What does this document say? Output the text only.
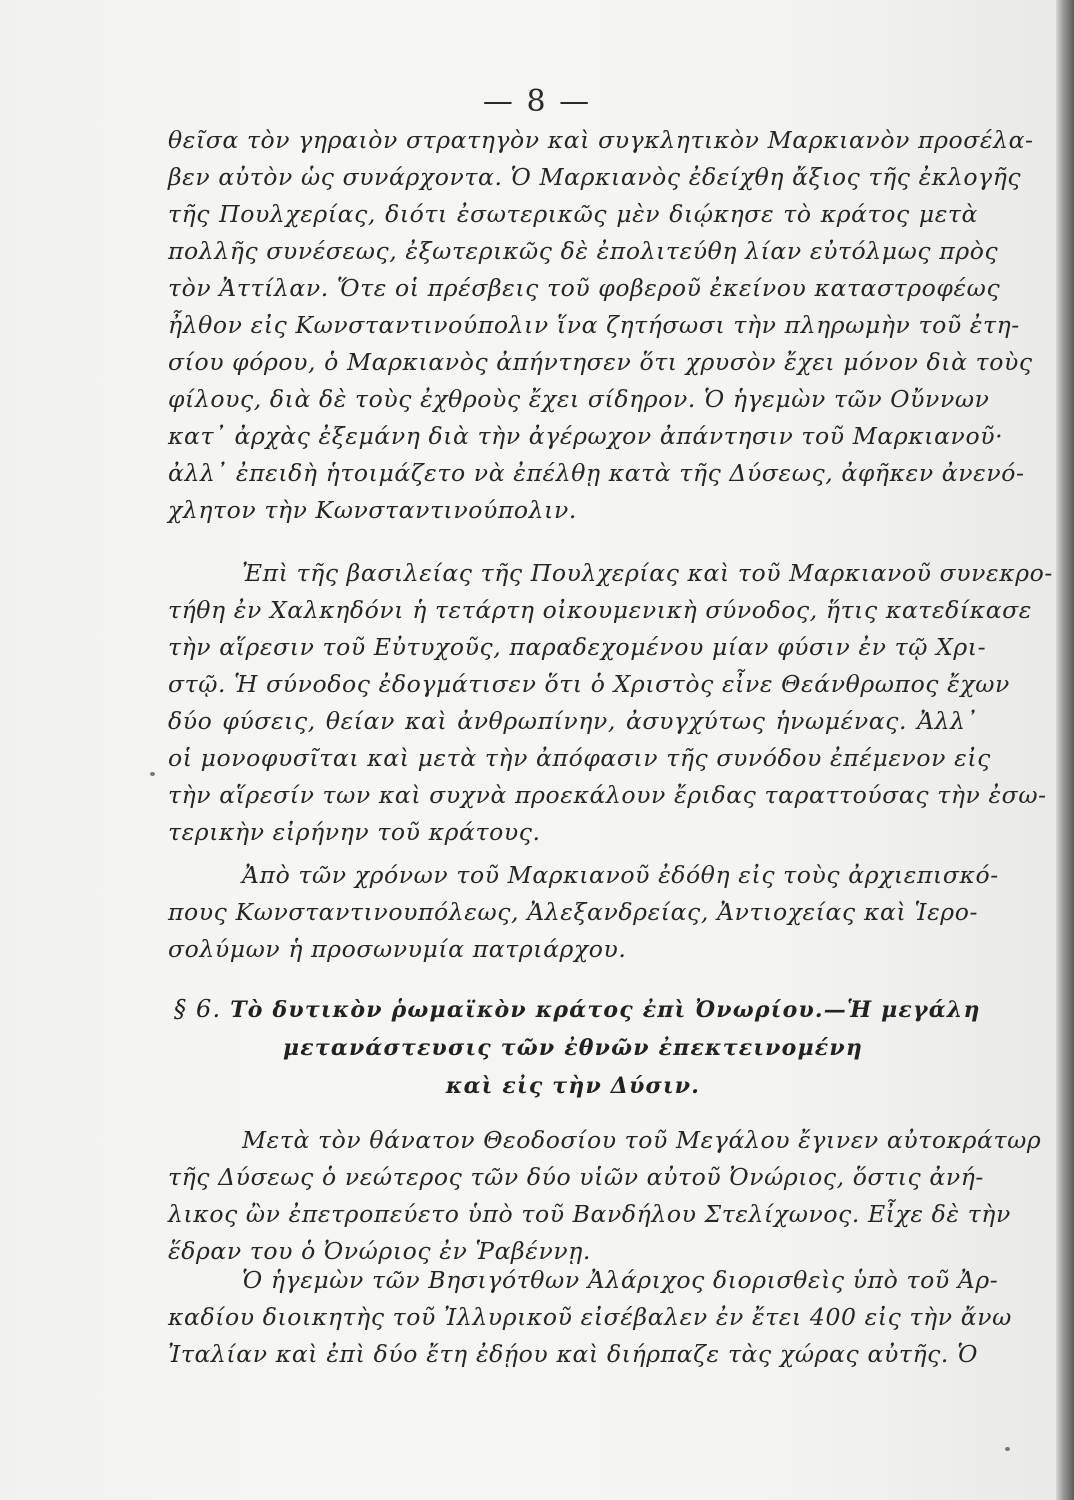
— 8 —
θεῖσα τὸν γηραιὸν στρατηγὸν καὶ συγκλητικὸν Μαρκιανὸν προσέλα-
βεν αὐτὸν ὡς συνάρχοντα. Ὁ Μαρκιανὸς ἐδείχθη ἄξιος τῆς ἐκλογῆς
τῆς Πουλχερίας, διότι ἐσωτερικῶς μὲν διῴκησε τὸ κράτος μετὰ
πολλῆς συνέσεως, ἐξωτερικῶς δὲ ἐπολιτεύθη λίαν εὐτόλμως πρὸς
τὸν Ἀττίλαν. Ὅτε οἱ πρέσβεις τοῦ φοβεροῦ ἐκείνου καταστροφέως
ἦλθον εἰς Κωνσταντινούπολιν ἵνα ζητήσωσι τὴν πληρωμὴν τοῦ ἐτη-
σίου φόρου, ὁ Μαρκιανὸς ἀπήντησεν ὅτι χρυσὸν ἔχει μόνον διὰ τοὺς
φίλους, διὰ δὲ τοὺς ἐχθροὺς ἔχει σίδηρον. Ὁ ἡγεμὼν τῶν Οὔννων
κατ᾽ ἀρχὰς ἐξεμάνη διὰ τὴν ἀγέρωχον ἀπάντησιν τοῦ Μαρκιανοῦ·
ἀλλ᾽ ἐπειδὴ ἡτοιμάζετο νὰ ἐπέλθῃ κατὰ τῆς Δύσεως, ἀφῆκεν ἀνενό-
χλητον τὴν Κωνσταντινούπολιν.
Ἐπὶ τῆς βασιλείας τῆς Πουλχερίας καὶ τοῦ Μαρκιανοῦ συνεκρο-
τήθη ἐν Χαλκηδόνι ἡ τετάρτη οἰκουμενικὴ σύνοδος, ἥτις κατεδίκασε
τὴν αἵρεσιν τοῦ Εὐτυχοῦς, παραδεχομένου μίαν φύσιν ἐν τῷ Χρι-
στῷ. Ἡ σύνοδος ἐδογμάτισεν ὅτι ὁ Χριστὸς εἶνε Θεάνθρωπος ἔχων
δύο φύσεις, θείαν καὶ ἀνθρωπίνην, ἀσυγχύτως ἡνωμένας. Ἀλλ᾽
οἱ μονοφυσῖται καὶ μετὰ τὴν ἀπόφασιν τῆς συνόδου ἐπέμενον εἰς
τὴν αἵρεσίν των καὶ συχνὰ προεκάλουν ἔριδας ταραττούσας τὴν ἐσω-
τερικὴν εἰρήνην τοῦ κράτους.
Ἀπὸ τῶν χρόνων τοῦ Μαρκιανοῦ ἐδόθη εἰς τοὺς ἀρχιεπισκό-
πους Κωνσταντινουπόλεως, Ἀλεξανδρείας, Ἀντιοχείας καὶ Ἱερο-
σολύμων ἡ προσωνυμία πατριάρχου.
§ 6. Τὸ δυτικὸν ῥωμαϊκὸν κράτος ἐπὶ Ὀνωρίου.—Ἡ μεγάλη
μετανάστευσις τῶν ἐθνῶν ἐπεκτεινομένη
καὶ εἰς τὴν Δύσιν.
Μετὰ τὸν θάνατον Θεοδοσίου τοῦ Μεγάλου ἔγινεν αὐτοκράτωρ
τῆς Δύσεως ὁ νεώτερος τῶν δύο υἱῶν αὐτοῦ Ὀνώριος, ὅστις ἀνή-
λικος ὢν ἐπετροπεύετο ὑπὸ τοῦ Βανδήλου Στελίχωνος. Εἶχε δὲ τὴν
ἕδραν του ὁ Ὀνώριος ἐν Ῥαβέννῃ.
Ὁ ἡγεμὼν τῶν Βησιγότθων Ἀλάριχος διορισθεὶς ὑπὸ τοῦ Ἀρ-
καδίου διοικητὴς τοῦ Ἰλλυρικοῦ εἰσέβαλεν ἐν ἔτει 400 εἰς τὴν ἄνω
Ἰταλίαν καὶ ἐπὶ δύο ἔτη ἐδῄου καὶ διήρπαζε τὰς χώρας αὐτῆς. Ὁ
